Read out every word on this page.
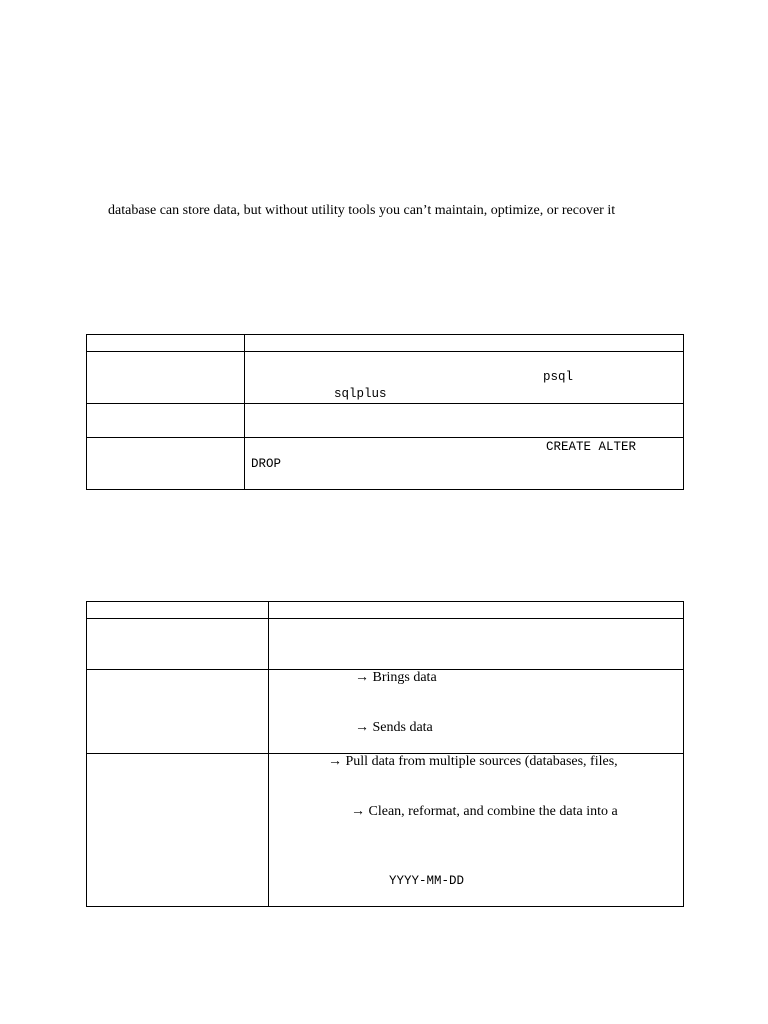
database can store data, but without utility tools you can’t maintain, optimize, or recover it

	psql
sqlplus

	CREATE ALTER
DROP

	→ Brings data
→ Sends data

	→ Pull data from multiple sources (databases, files,
→ Clean, reformat, and combine the data into a
YYYY-MM-DD
